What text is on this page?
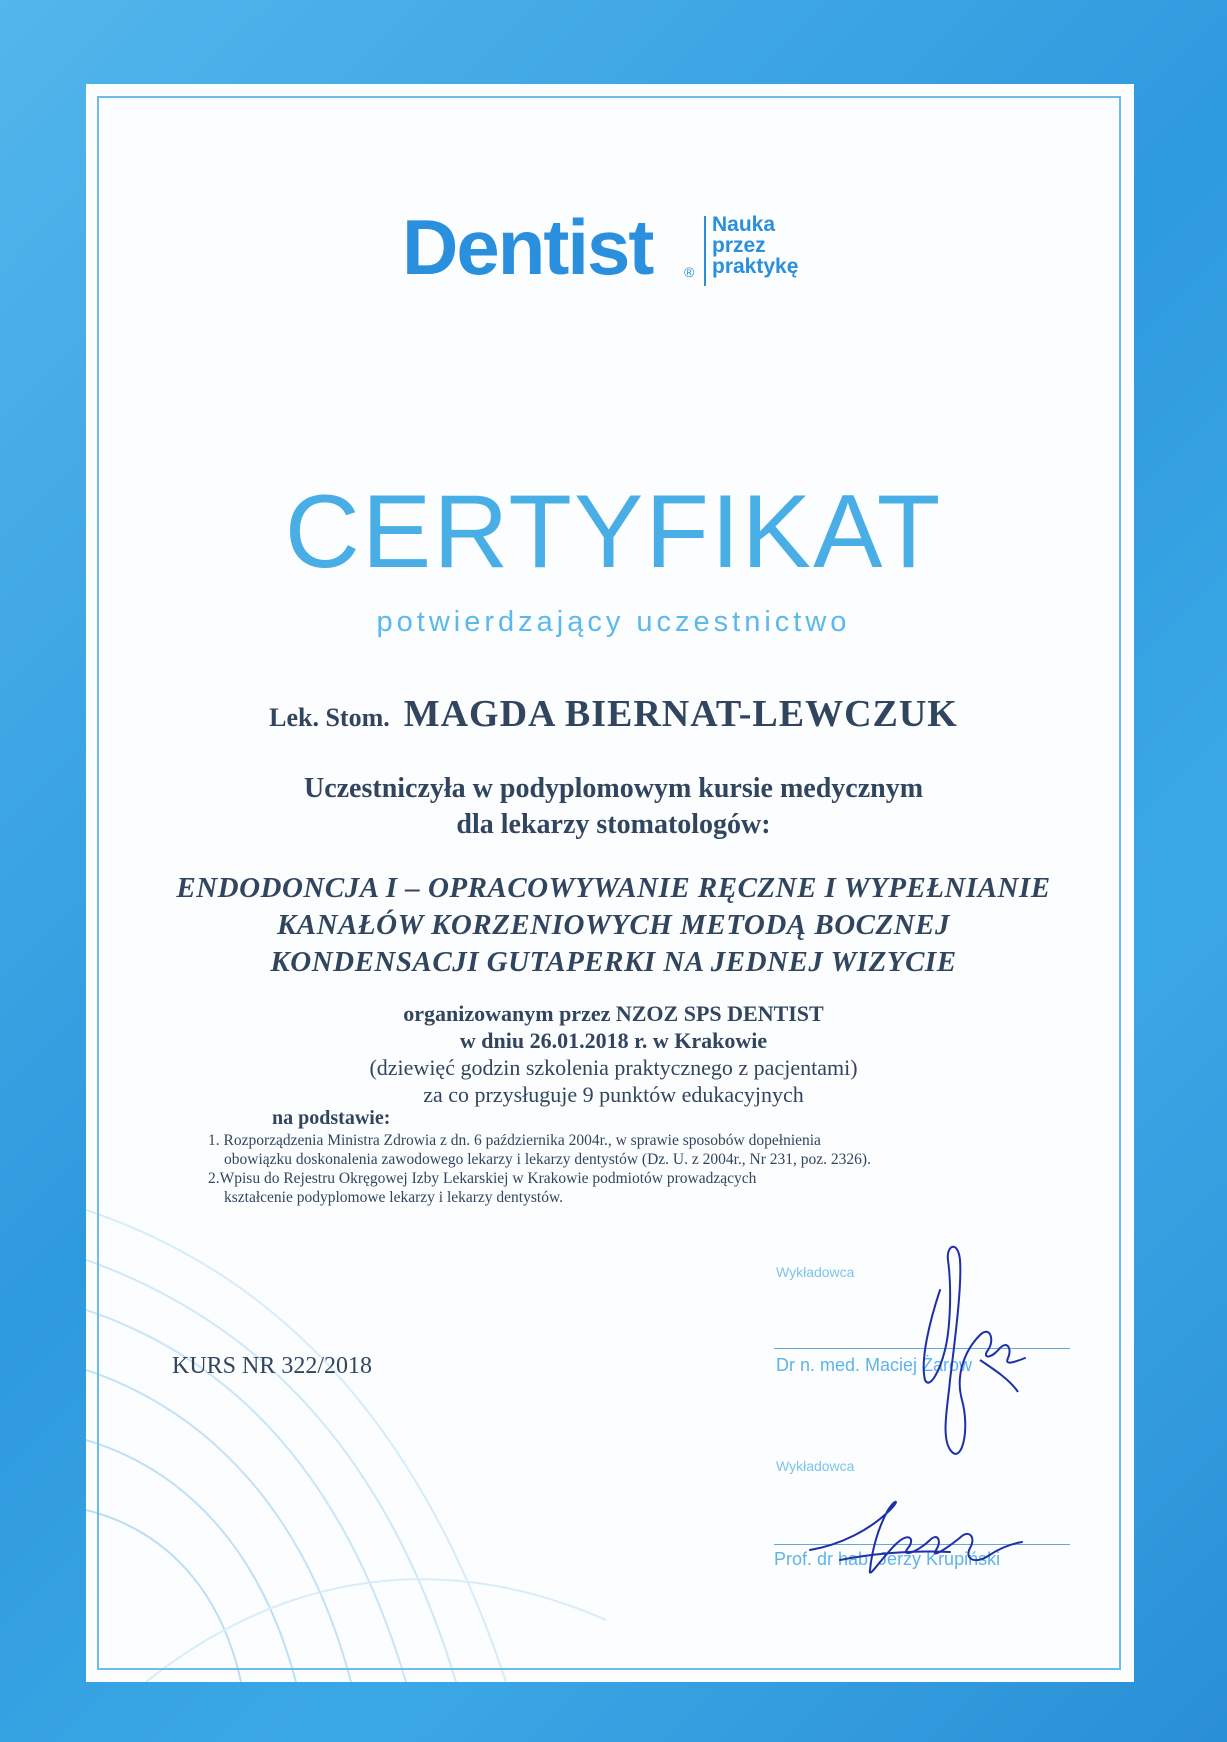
Dentist ®
Nauka
przez
praktykę
CERTYFIKAT
potwierdzający uczestnictwo
Lek. Stom. MAGDA BIERNAT-LEWCZUK
Uczestniczyła w podyplomowym kursie medycznym
dla lekarzy stomatologów:
ENDODONCJA I – OPRACOWYWANIE RĘCZNE I WYPEŁNIANIE
KANAŁÓW KORZENIOWYCH METODĄ BOCZNEJ
KONDENSACJI GUTAPERKI NA JEDNEJ WIZYCIE
organizowanym przez NZOZ SPS DENTIST
w dniu 26.01.2018 r. w Krakowie
(dziewięć godzin szkolenia praktycznego z pacjentami)
za co przysługuje 9 punktów edukacyjnych
na podstawie:
1. Rozporządzenia Ministra Zdrowia z dn. 6 października 2004r., w sprawie sposobów dopełnienia
obowiązku doskonalenia zawodowego lekarzy i lekarzy dentystów (Dz. U. z 2004r., Nr 231, poz. 2326).
2.Wpisu do Rejestru Okręgowej Izby Lekarskiej w Krakowie podmiotów prowadzących
kształcenie podyplomowe lekarzy i lekarzy dentystów.
KURS NR 322/2018
Wykładowca
Dr n. med. Maciej Żarow
Wykładowca
Prof. dr hab. Jerzy Krupiński
